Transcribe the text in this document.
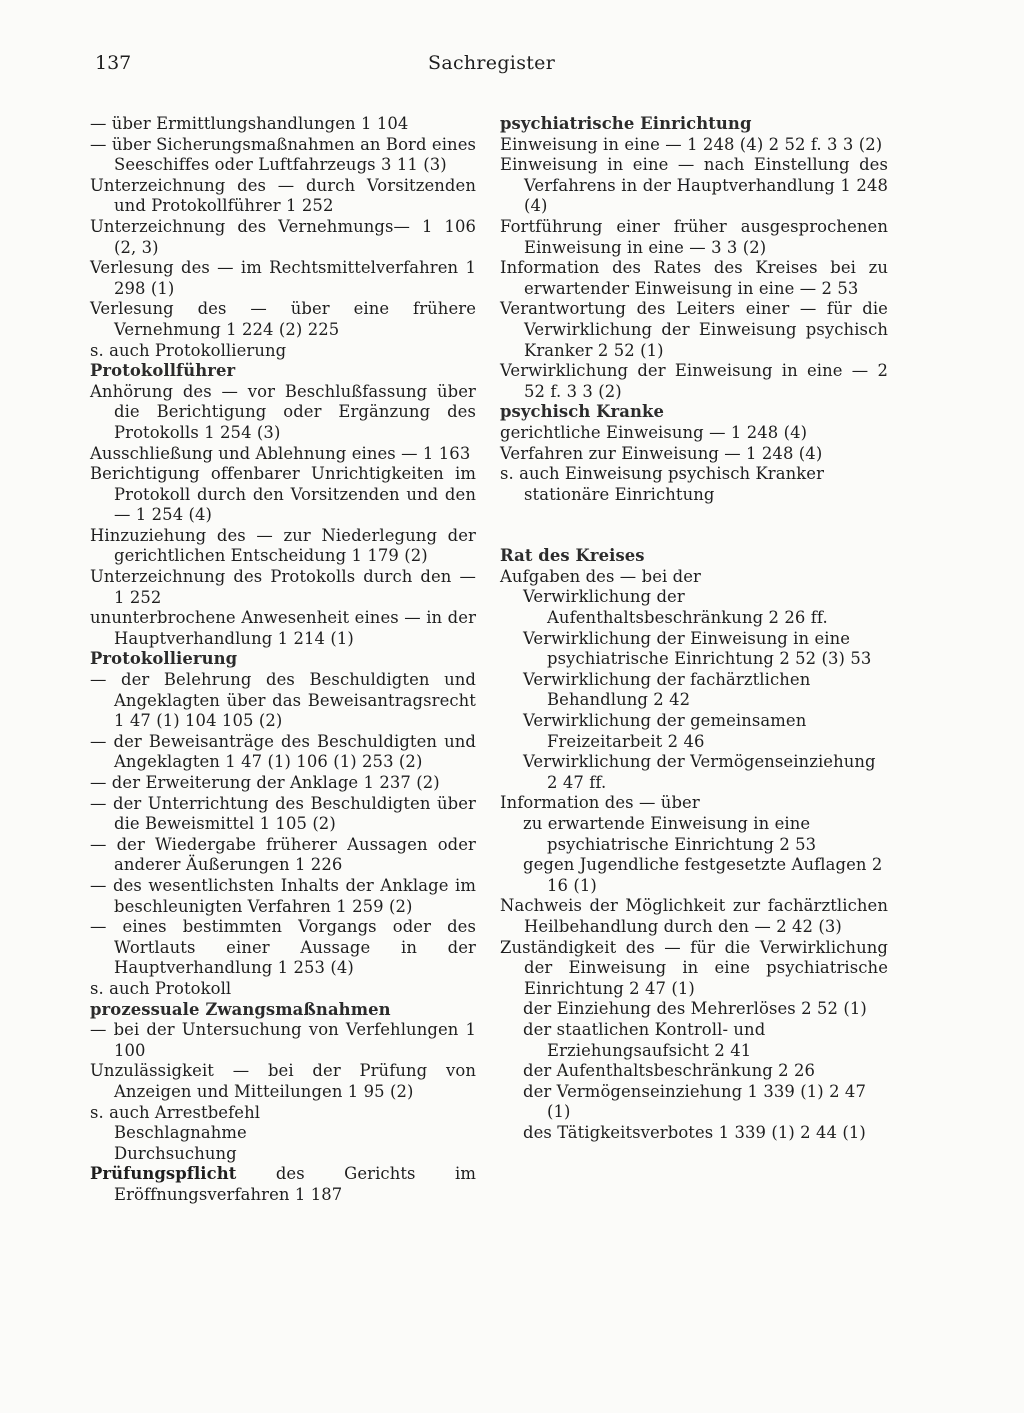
137	Sachregister

— über Ermittlungshandlungen 1 104

— über Sicherungsmaßnahmen an Bord eines Seeschiffes oder Luftfahrzeugs 3 11 (3)

Unterzeichnung des — durch Vorsitzenden und Protokollführer 1 252

Unterzeichnung des Vernehmungs— 1 106 (2, 3)

Verlesung des — im Rechtsmittelverfahren 1 298 (1)

Verlesung des — über eine frühere Vernehmung 1 224 (2) 225

s. auch Protokollierung

Protokollführer

Anhörung des — vor Beschlußfassung über die Berichtigung oder Ergänzung des Protokolls 1 254 (3)

Ausschließung und Ablehnung eines — 1 163

Berichtigung offenbarer Unrichtigkeiten im Protokoll durch den Vorsitzenden und den — 1 254 (4)

Hinzuziehung des — zur Niederlegung der gerichtlichen Entscheidung 1 179 (2)

Unterzeichnung des Protokolls durch den — 1 252

ununterbrochene Anwesenheit eines — in der Hauptverhandlung 1 214 (1)

Protokollierung

— der Belehrung des Beschuldigten und Angeklagten über das Beweisantragsrecht 1 47 (1) 104 105 (2)

— der Beweisanträge des Beschuldigten und Angeklagten 1 47 (1) 106 (1) 253 (2)

— der Erweiterung der Anklage 1 237 (2)

— der Unterrichtung des Beschuldigten über die Beweismittel 1 105 (2)

— der Wiedergabe früherer Aussagen oder anderer Äußerungen 1 226

— des wesentlichsten Inhalts der Anklage im beschleunigten Verfahren 1 259 (2)

— eines bestimmten Vorgangs oder des Wortlauts einer Aussage in der Hauptverhandlung 1 253 (4)

s. auch Protokoll

prozessuale Zwangsmaßnahmen

— bei der Untersuchung von Verfehlungen 1 100

Unzulässigkeit — bei der Prüfung von Anzeigen und Mitteilungen 1 95 (2)

s. auch Arrestbefehl

Beschlagnahme

Durchsuchung

Prüfungspflicht des Gerichts im Eröffnungsverfahren 1 187

psychiatrische Einrichtung

Einweisung in eine — 1 248 (4) 2 52 f. 3 3 (2)

Einweisung in eine — nach Einstellung des Verfahrens in der Hauptverhandlung 1 248 (4)

Fortführung einer früher ausgesprochenen Einweisung in eine — 3 3 (2)

Information des Rates des Kreises bei zu erwartender Einweisung in eine — 2 53

Verantwortung des Leiters einer — für die Verwirklichung der Einweisung psychisch Kranker 2 52 (1)

Verwirklichung der Einweisung in eine — 2 52 f. 3 3 (2)

psychisch Kranke

gerichtliche Einweisung — 1 248 (4)

Verfahren zur Einweisung — 1 248 (4)

s. auch Einweisung psychisch Kranker

stationäre Einrichtung

Rat des Kreises

Aufgaben des — bei der

Verwirklichung der Aufenthaltsbeschränkung 2 26 ff.

Verwirklichung der Einweisung in eine psychiatrische Einrichtung 2 52 (3) 53

Verwirklichung der fachärztlichen Behandlung 2 42

Verwirklichung der gemeinsamen Freizeitarbeit 2 46

Verwirklichung der Vermögenseinziehung 2 47 ff.

Information des — über

zu erwartende Einweisung in eine psychiatrische Einrichtung 2 53

gegen Jugendliche festgesetzte Auflagen 2 16 (1)

Nachweis der Möglichkeit zur fachärztlichen Heilbehandlung durch den — 2 42 (3)

Zuständigkeit des — für die Verwirklichung der Einweisung in eine psychiatrische Einrichtung 2 47 (1)

der Einziehung des Mehrerlöses 2 52 (1)

der staatlichen Kontroll- und Erziehungsaufsicht 2 41

der Aufenthaltsbeschränkung 2 26

der Vermögenseinziehung 1 339 (1) 2 47 (1)

des Tätigkeitsverbotes 1 339 (1) 2 44 (1)
